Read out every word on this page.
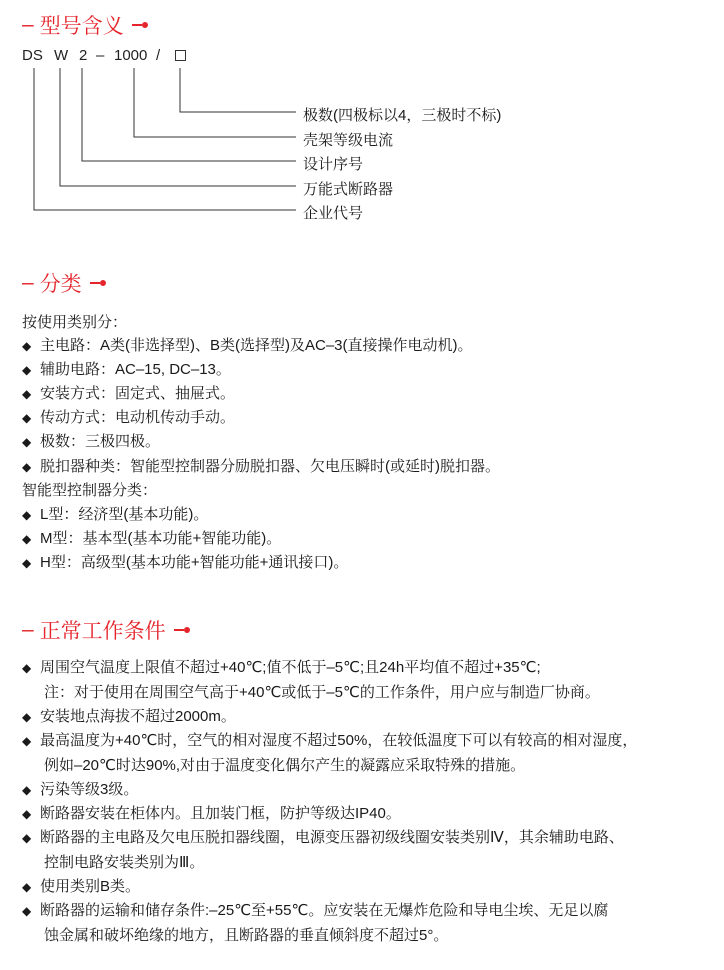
– 型号含义
DS W 2 – 1000 /
极数(四极标以4，三极时不标)
壳架等级电流
设计序号
万能式断路器
企业代号
– 分类
按使用类别分：
◆ 主电路：A类(非选择型)、B类(选择型)及AC–3(直接操作电动机)。
◆ 辅助电路：AC–15, DC–13。
◆ 安装方式：固定式、抽屉式。
◆ 传动方式：电动机传动手动。
◆ 极数：三极四极。
◆ 脱扣器种类：智能型控制器分励脱扣器、欠电压瞬时(或延时)脱扣器。
智能型控制器分类：
◆ L型：经济型(基本功能)。
◆ M型：基本型(基本功能+智能功能)。
◆ H型：高级型(基本功能+智能功能+通讯接口)。
– 正常工作条件
◆ 周围空气温度上限值不超过+40℃;值不低于–5℃;且24h平均值不超过+35℃;
注：对于使用在周围空气高于+40℃或低于–5℃的工作条件，用户应与制造厂协商。
◆ 安装地点海拔不超过2000m。
◆ 最高温度为+40℃时，空气的相对湿度不超过50%，在较低温度下可以有较高的相对湿度，
例如–20℃时达90%,对由于温度变化偶尔产生的凝露应采取特殊的措施。
◆ 污染等级3级。
◆ 断路器安装在柜体内。且加装门框，防护等级达IP40。
◆ 断路器的主电路及欠电压脱扣器线圈，电源变压器初级线圈安装类别Ⅳ，其余辅助电路、
控制电路安装类别为Ⅲ。
◆ 使用类别B类。
◆ 断路器的运输和储存条件:–25℃至+55℃。应安装在无爆炸危险和导电尘埃、无足以腐
蚀金属和破坏绝缘的地方，且断路器的垂直倾斜度不超过5°。
